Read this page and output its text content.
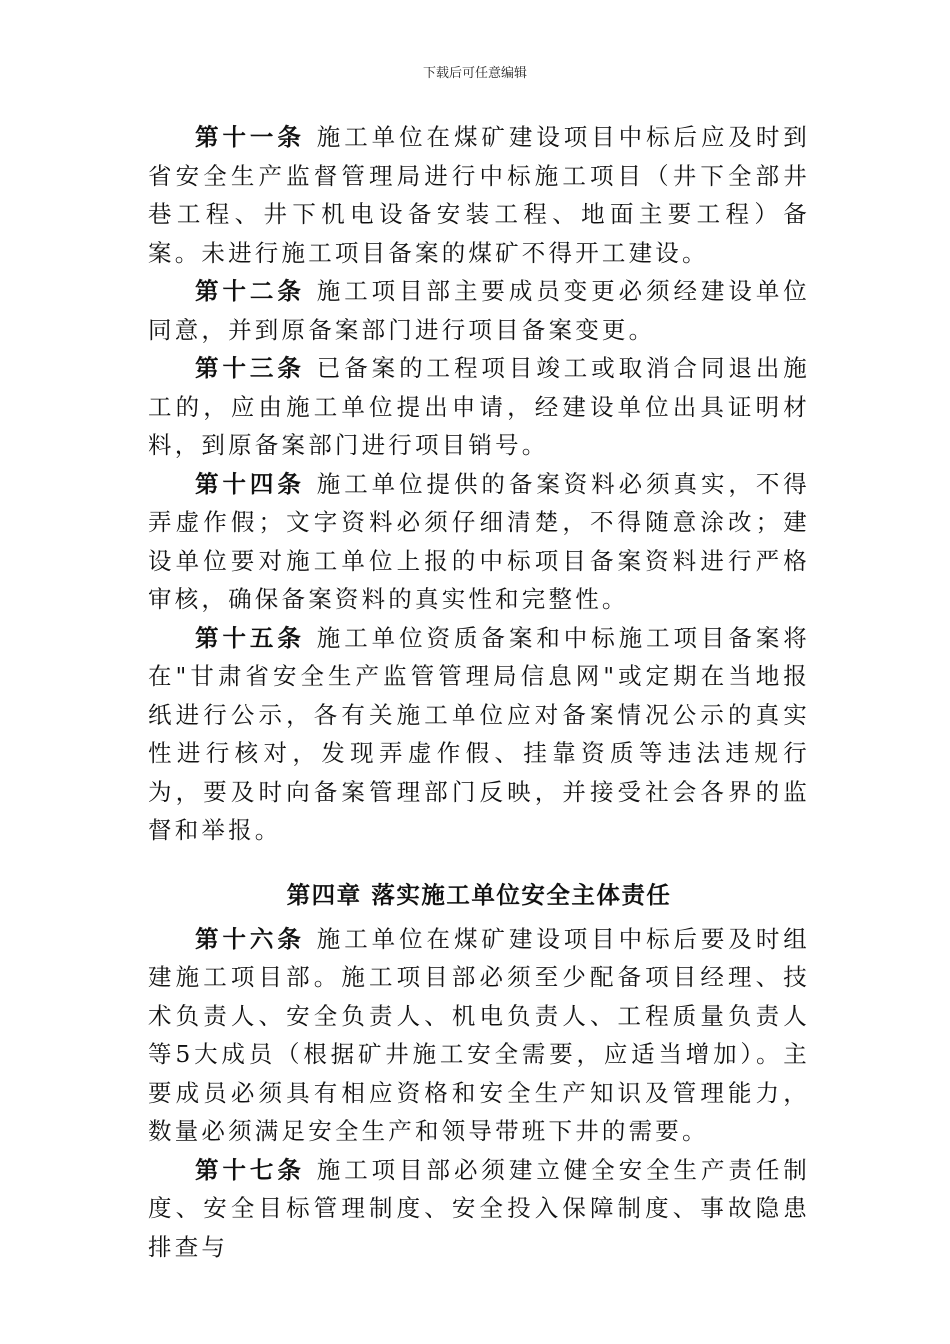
下载后可任意编辑

第十一条 施工单位在煤矿建设项目中标后应及时到省安全生产监督管理局进行中标施工项目（井下全部井巷工程、井下机电设备安装工程、地面主要工程）备案。未进行施工项目备案的煤矿不得开工建设。

第十二条 施工项目部主要成员变更必须经建设单位同意，并到原备案部门进行项目备案变更。

第十三条 已备案的工程项目竣工或取消合同退出施工的，应由施工单位提出申请，经建设单位出具证明材料，到原备案部门进行项目销号。

第十四条 施工单位提供的备案资料必须真实，不得弄虚作假；文字资料必须仔细清楚，不得随意涂改；建设单位要对施工单位上报的中标项目备案资料进行严格审核，确保备案资料的真实性和完整性。

第十五条 施工单位资质备案和中标施工项目备案将在"甘肃省安全生产监管管理局信息网"或定期在当地报纸进行公示，各有关施工单位应对备案情况公示的真实性进行核对，发现弄虚作假、挂靠资质等违法违规行为，要及时向备案管理部门反映，并接受社会各界的监督和举报。

第四章 落实施工单位安全主体责任

第十六条 施工单位在煤矿建设项目中标后要及时组建施工项目部。施工项目部必须至少配备项目经理、技术负责人、安全负责人、机电负责人、工程质量负责人等5大成员（根据矿井施工安全需要，应适当增加）。主要成员必须具有相应资格和安全生产知识及管理能力，数量必须满足安全生产和领导带班下井的需要。

第十七条 施工项目部必须建立健全安全生产责任制度、安全目标管理制度、安全投入保障制度、事故隐患排查与
